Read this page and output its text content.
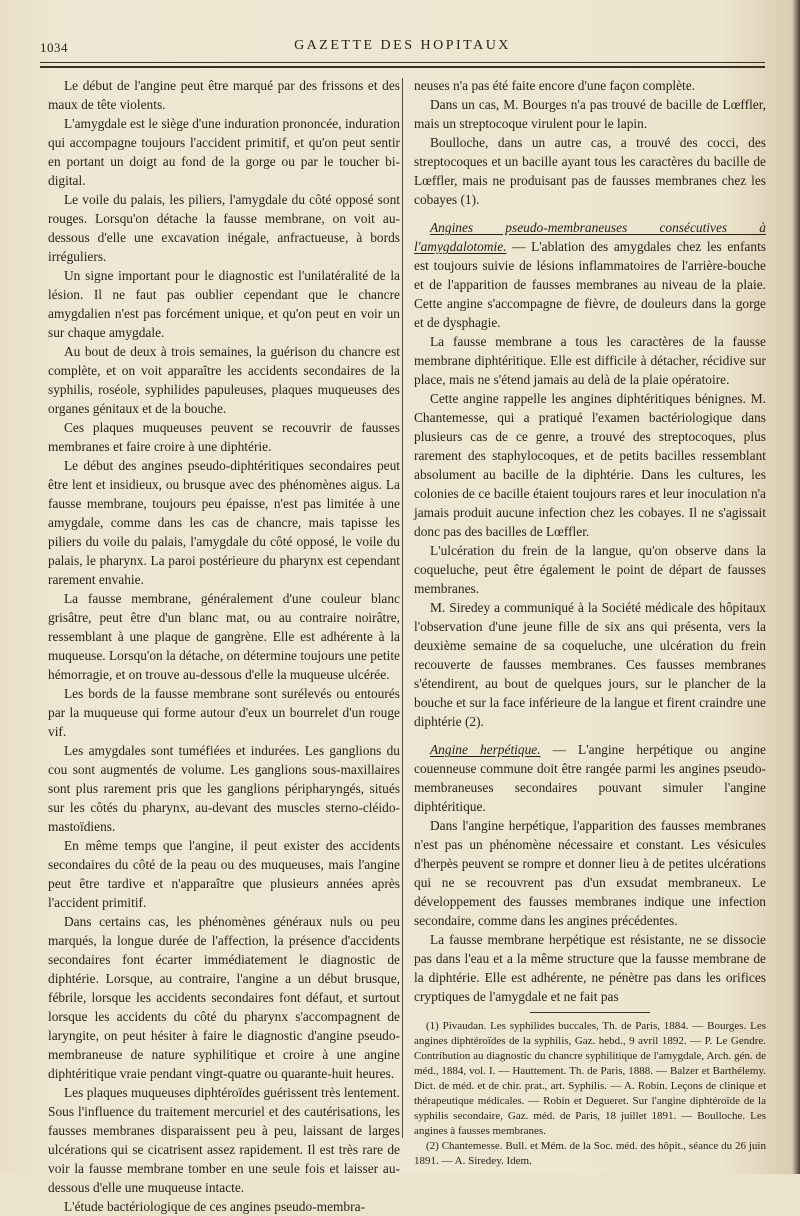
1034	GAZETTE DES HOPITAUX

Le début de l'angine peut être marqué par des frissons et des maux de tête violents.

L'amygdale est le siège d'une induration prononcée, induration qui accompagne toujours l'accident primitif, et qu'on peut sentir en portant un doigt au fond de la gorge ou par le toucher bi-digital.

Le voile du palais, les piliers, l'amygdale du côté opposé sont rouges. Lorsqu'on détache la fausse membrane, on voit au-dessous d'elle une excavation inégale, anfractueuse, à bords irréguliers.

Un signe important pour le diagnostic est l'unilatéralité de la lésion. Il ne faut pas oublier cependant que le chancre amygdalien n'est pas forcément unique, et qu'on peut en voir un sur chaque amygdale.

Au bout de deux à trois semaines, la guérison du chancre est complète, et on voit apparaître les accidents secondaires de la syphilis, roséole, syphilides papuleuses, plaques muqueuses des organes génitaux et de la bouche.

Ces plaques muqueuses peuvent se recouvrir de fausses membranes et faire croire à une diphtérie.

Le début des angines pseudo-diphtéritiques secondaires peut être lent et insidieux, ou brusque avec des phénomènes aigus. La fausse membrane, toujours peu épaisse, n'est pas limitée à une amygdale, comme dans les cas de chancre, mais tapisse les piliers du voile du palais, l'amygdale du côté opposé, le voile du palais, le pharynx. La paroi postérieure du pharynx est cependant rarement envahie.

La fausse membrane, généralement d'une couleur blanc grisâtre, peut être d'un blanc mat, ou au contraire noirâtre, ressemblant à une plaque de gangrène. Elle est adhérente à la muqueuse. Lorsqu'on la détache, on détermine toujours une petite hémorragie, et on trouve au-dessous d'elle la muqueuse ulcérée.

Les bords de la fausse membrane sont surélevés ou entourés par la muqueuse qui forme autour d'eux un bourrelet d'un rouge vif.

Les amygdales sont tuméfiées et indurées. Les ganglions du cou sont augmentés de volume. Les ganglions sous-maxillaires sont plus rarement pris que les ganglions péripharyngés, situés sur les côtés du pharynx, au-devant des muscles sterno-cléido-mastoïdiens.

En même temps que l'angine, il peut exister des accidents secondaires du côté de la peau ou des muqueuses, mais l'angine peut être tardive et n'apparaître que plusieurs années après l'accident primitif.

Dans certains cas, les phénomènes généraux nuls ou peu marqués, la longue durée de l'affection, la présence d'accidents secondaires font écarter immédiatement le diagnostic de diphtérie. Lorsque, au contraire, l'angine a un début brusque, fébrile, lorsque les accidents secondaires font défaut, et surtout lorsque les accidents du côté du pharynx s'accompagnent de laryngite, on peut hésiter à faire le diagnostic d'angine pseudo-membraneuse de nature syphilitique et croire à une angine diphtéritique vraie pendant vingt-quatre ou quarante-huit heures.

Les plaques muqueuses diphtéroïdes guérissent très lentement. Sous l'influence du traitement mercuriel et des cautérisations, les fausses membranes disparaissent peu à peu, laissant de larges ulcérations qui se cicatrisent assez rapidement. Il est très rare de voir la fausse membrane tomber en une seule fois et laisser au-dessous d'elle une muqueuse intacte.

L'étude bactériologique de ces angines pseudo-membra-

neuses n'a pas été faite encore d'une façon complète.

Dans un cas, M. Bourges n'a pas trouvé de bacille de Lœffler, mais un streptocoque virulent pour le lapin.

Boulloche, dans un autre cas, a trouvé des cocci, des streptocoques et un bacille ayant tous les caractères du bacille de Lœffler, mais ne produisant pas de fausses membranes chez les cobayes (1).

Angines pseudo-membraneuses consécutives à l'amygdalotomie. — L'ablation des amygdales chez les enfants est toujours suivie de lésions inflammatoires de l'arrière-bouche et de l'apparition de fausses membranes au niveau de la plaie. Cette angine s'accompagne de fièvre, de douleurs dans la gorge et de dysphagie.

La fausse membrane a tous les caractères de la fausse membrane diphtéritique. Elle est difficile à détacher, récidive sur place, mais ne s'étend jamais au delà de la plaie opératoire.

Cette angine rappelle les angines diphtéritiques bénignes. M. Chantemesse, qui a pratiqué l'examen bactériologique dans plusieurs cas de ce genre, a trouvé des streptocoques, plus rarement des staphylocoques, et de petits bacilles ressemblant absolument au bacille de la diphtérie. Dans les cultures, les colonies de ce bacille étaient toujours rares et leur inoculation n'a jamais produit aucune infection chez les cobayes. Il ne s'agissait donc pas des bacilles de Lœffler.

L'ulcération du frein de la langue, qu'on observe dans la coqueluche, peut être également le point de départ de fausses membranes.

M. Siredey a communiqué à la Société médicale des hôpitaux l'observation d'une jeune fille de six ans qui présenta, vers la deuxième semaine de sa coqueluche, une ulcération du frein recouverte de fausses membranes. Ces fausses membranes s'étendirent, au bout de quelques jours, sur le plancher de la bouche et sur la face inférieure de la langue et firent craindre une diphtérie (2).

Angine herpétique. — L'angine herpétique ou angine couenneuse commune doit être rangée parmi les angines pseudo-membraneuses secondaires pouvant simuler l'angine diphtéritique.

Dans l'angine herpétique, l'apparition des fausses membranes n'est pas un phénomène nécessaire et constant. Les vésicules d'herpès peuvent se rompre et donner lieu à de petites ulcérations qui ne se recouvrent pas d'un exsudat membraneux. Le développement des fausses membranes indique une infection secondaire, comme dans les angines précédentes.

La fausse membrane herpétique est résistante, ne se dissocie pas dans l'eau et a la même structure que la fausse membrane de la diphtérie. Elle est adhérente, ne pénètre pas dans les orifices cryptiques de l'amygdale et ne fait pas

(1) Pivaudan. Les syphilides buccales, Th. de Paris, 1884. — Bourges. Les angines diphtéroïdes de la syphilis, Gaz. hebd., 9 avril 1892. — P. Le Gendre. Contribution au diagnostic du chancre syphilitique de l'amygdale, Arch. gén. de méd., 1884, vol. I. — Hauttement. Th. de Paris, 1888. — Balzer et Barthélemy. Dict. de méd. et de chir. prat., art. Syphilis. — A. Robin. Leçons de clinique et thérapeutique médicales. — Robin et Degueret. Sur l'angine diphtéroïde de la syphilis secondaire, Gaz. méd. de Paris, 18 juillet 1891. — Boulloche. Les angines à fausses membranes.

(2) Chantemesse. Bull. et Mém. de la Soc. méd. des hôpit., séance du 26 juin 1891. — A. Siredey. Idem.
